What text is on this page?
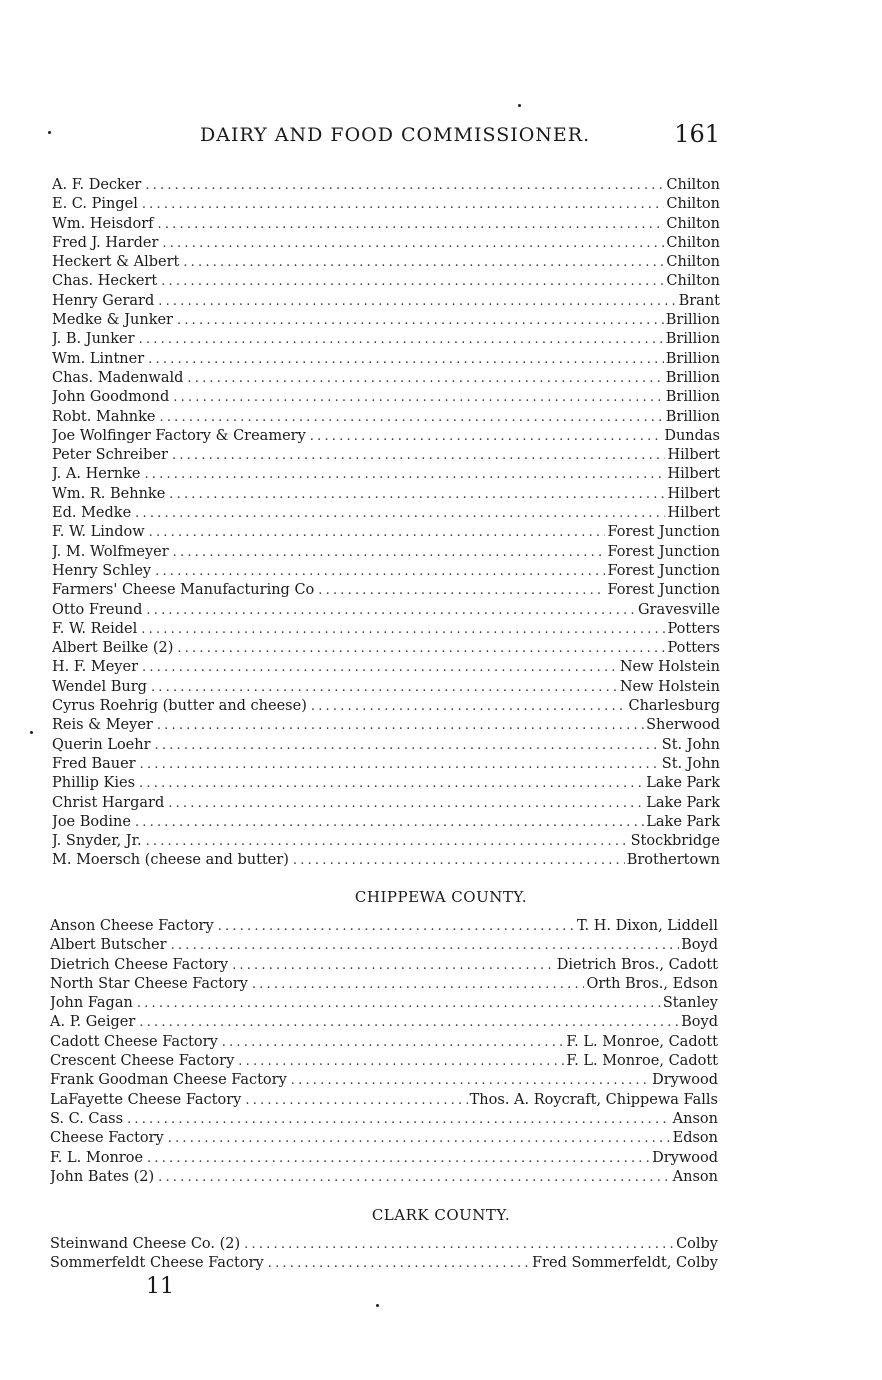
DAIRY AND FOOD COMMISSIONER.	161
A. F. Decker .....	Chilton
E. C. Pingel .....	Chilton
Wm. Heisdorf .....	Chilton
Fred J. Harder .....	Chilton
Heckert & Albert .....	Chilton
Chas. Heckert .....	Chilton
Henry Gerard .....	Brant
Medke & Junker .....	Brillion
J. B. Junker .....	Brillion
Wm. Lintner .....	Brillion
Chas. Madenwald .....	Brillion
John Goodmond .....	Brillion
Robt. Mahnke .....	Brillion
Joe Wolfinger Factory & Creamery .....	Dundas
Peter Schreiber .....	Hilbert
J. A. Hernke .....	Hilbert
Wm. R. Behnke .....	Hilbert
Ed. Medke .....	Hilbert
F. W. Lindow .....	Forest Junction
J. M. Wolfmeyer .....	Forest Junction
Henry Schley .....	Forest Junction
Farmers' Cheese Manufacturing Co .....	Forest Junction
Otto Freund .....	Gravesville
F. W. Reidel .....	Potters
Albert Beilke (2) .....	Potters
H. F. Meyer .....	New Holstein
Wendel Burg .....	New Holstein
Cyrus Roehrig (butter and cheese) .....	Charlesburg
Reis & Meyer .....	Sherwood
Querin Loehr .....	St. John
Fred Bauer .....	St. John
Phillip Kies .....	Lake Park
Christ Hargard .....	Lake Park
Joe Bodine .....	Lake Park
J. Snyder, Jr. .....	Stockbridge
M. Moersch (cheese and butter) .....	Brothertown
CHIPPEWA COUNTY.
Anson Cheese Factory .....	T. H. Dixon, Liddell
Albert Butscher .....	Boyd
Dietrich Cheese Factory .....	Dietrich Bros., Cadott
North Star Cheese Factory .....	Orth Bros., Edson
John Fagan .....	Stanley
A. P. Geiger .....	Boyd
Cadott Cheese Factory .....	F. L. Monroe, Cadott
Crescent Cheese Factory .....	F. L. Monroe, Cadott
Frank Goodman Cheese Factory .....	Drywood
LaFayette Cheese Factory .....	Thos. A. Roycraft, Chippewa Falls
S. C. Cass .....	Anson
Cheese Factory .....	Edson
F. L. Monroe .....	Drywood
John Bates (2) .....	Anson
CLARK COUNTY.
Steinwand Cheese Co. (2) .....	Colby
Sommerfeldt Cheese Factory .....	Fred Sommerfeldt, Colby
11
